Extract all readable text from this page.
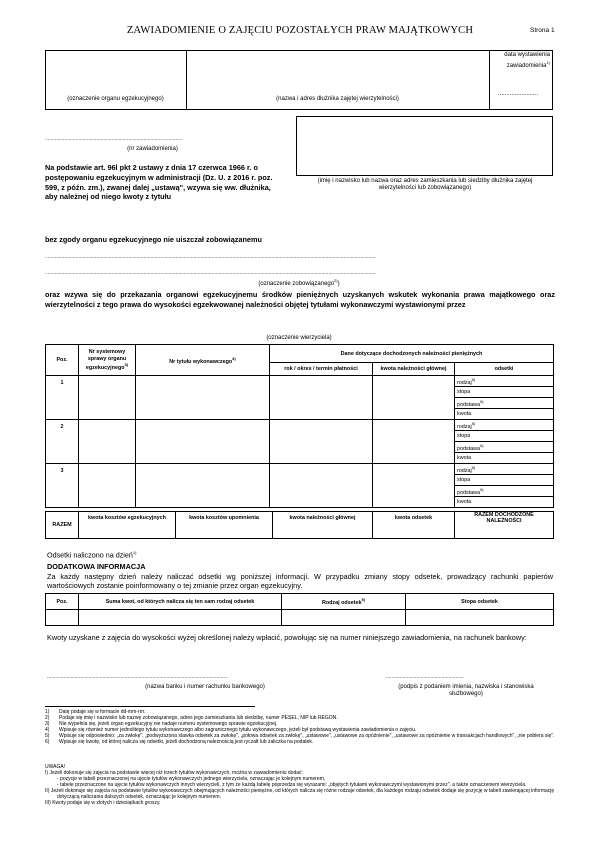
ZAWIADOMIENIE O ZAJĘCIU POZOSTAŁYCH PRAW MAJĄTKOWYCH	Strona 1
(oznaczenie organu egzekucyjnego)	(nazwa i adres dłużnika zajętej wierzytelności)
data wystawienia zawiadomienia$^{1)}$
........................
...................................................................................................
(nr zawiadomienia)
(imię i nazwisko lub nazwa oraz adres zamieszkania lub siedziby dłużnika zajętej wierzytelności lub zobowiązanego)
Na podstawie art. 96l pkt 2 ustawy z dnia 17 czerwca 1966 r. o postępowaniu egzekucyjnym w administracji (Dz. U. z 2016 r. poz. 599, z późn. zm.), zwanej dalej „ustawą", wzywa się ww. dłużnika, aby należnej od niego kwoty z tytułu
bez zgody organu egzekucyjnego nie uiszczał zobowiązanemu
..............................................................................................................................................................................................................................................
..............................................................................................................................................................................................................................................
(oznaczenie zobowiązanego$^{2)}$)
oraz wzywa się do przekazania organowi egzekucyjnemu środków pieniężnych uzyskanych wskutek wykonania prawa majątkowego oraz wierzytelności z tego prawa do wysokości egzekwowanej należności objętej tytułami wykonawczymi wystawionymi przez
(oznaczenie wierzyciela)
Poz.	Nr systemowy sprawy organu egzekucyjnego$^{3)}$	Nr tytułu wykonawczego$^{4)}$	Dane dotyczące dochodzonych należności pieniężnych			
			rok / okres / termin płatności	kwota należności głównej	odsetki	
1					rodzaj$^{5)}$	
					stopa	
					podstawa$^{6)}$	
					kwota	
2					rodzaj$^{5)}$	
					stopa	
					podstawa$^{6)}$	
					kwota	
3					rodzaj$^{5)}$	
					stopa	
					podstawa$^{6)}$	
					kwota	
RAZEM	kwota kosztów egzekucyjnych	kwota kosztów upomnienia	kwota należności głównej	kwota odsetek	RAZEM DOCHODZONE NALEŻNOŚCI

Odsetki naliczono na dzień$^{1)}$
DODATKOWA INFORMACJA
Za każdy następny dzień należy naliczać odsetki wg poniższej informacji. W przypadku zmiany stopy odsetek, prowadzący rachunki papierów wartościowych zostanie poinformowany o tej zmianie przez organ egzekucyjny.
Poz.	Suma kwot, od których nalicza się ten sam rodzaj odsetek	Rodzaj odsetek$^{5)}$	Stopa odsetek

Kwoty uzyskane z zajęcia do wysokości wyżej określonej należy wpłacić, powołując się na numer niniejszego zawiadomienia, na rachunek bankowy:
..................................................................................................................................
(nazwa banku i numer rachunku bankowego)
........................................................
(podpis z podaniem imienia, nazwiska i stanowiska służbowego)
1)	Datę podaje się w formacie dd-mm-rrrr.
2)	Podaje się imię i nazwisko lub nazwę zobowiązanego, adres jego zamieszkania lub siedzibę, numer PESEL, NIP lub REGON.
3)	Nie wypełnia się, jeżeli organ egzekucyjny nie nadaje numeru systemowego sprawie egzekucyjnej.
4)	Wpisuje się również numer jednolitego tytułu wykonawczego albo zagranicznego tytułu wykonawczego, jeżeli był podstawą wystawienia zawiadomienia o zajęciu.
5)	Wpisuje się odpowiednio: „za zwłokę", „podwyższona stawka odsetek za zwłokę", „połowa odsetek za zwłokę", „ustawowe", „ustawowe za opóźnienie", „ustawowe za opóźnienie w transakcjach handlowych", „nie pobiera się".
6)	Wpisuje się kwotę, od której nalicza się odsetki, jeżeli dochodzoną należnością jest ryczałt lub zaliczka na podatek.
UWAGA!
I) Jeżeli dokonuje się zajęcia na podstawie więcej niż trzech tytułów wykonawczych, można w zawiadomieniu dodać:
- pozycje w tabeli przeznaczonej na ujęcie tytułów wykonawczych jednego wierzyciela, oznaczając je kolejnym numerem,
- tabele przeznaczone na ujęcie tytułów wykonawczych innych wierzycieli, z tym że każdą tabelę poprzedza się wyrazami: „objętych tytułami wykonawczymi wystawionymi przez", a także oznaczeniem wierzyciela.
II) Jeżeli dokonuje się zajęcia na podstawie tytułów wykonawczych obejmujących należności pieniężne, od których nalicza się różne rodzaje odsetek, dla każdego rodzaju odsetek dodaje się pozycję w tabeli zawierającej informację dotyczącą naliczania dalszych odsetek, oznaczając je kolejnym numerem.
III) Kwoty podaje się w złotych i dziesiątkach groszy.
